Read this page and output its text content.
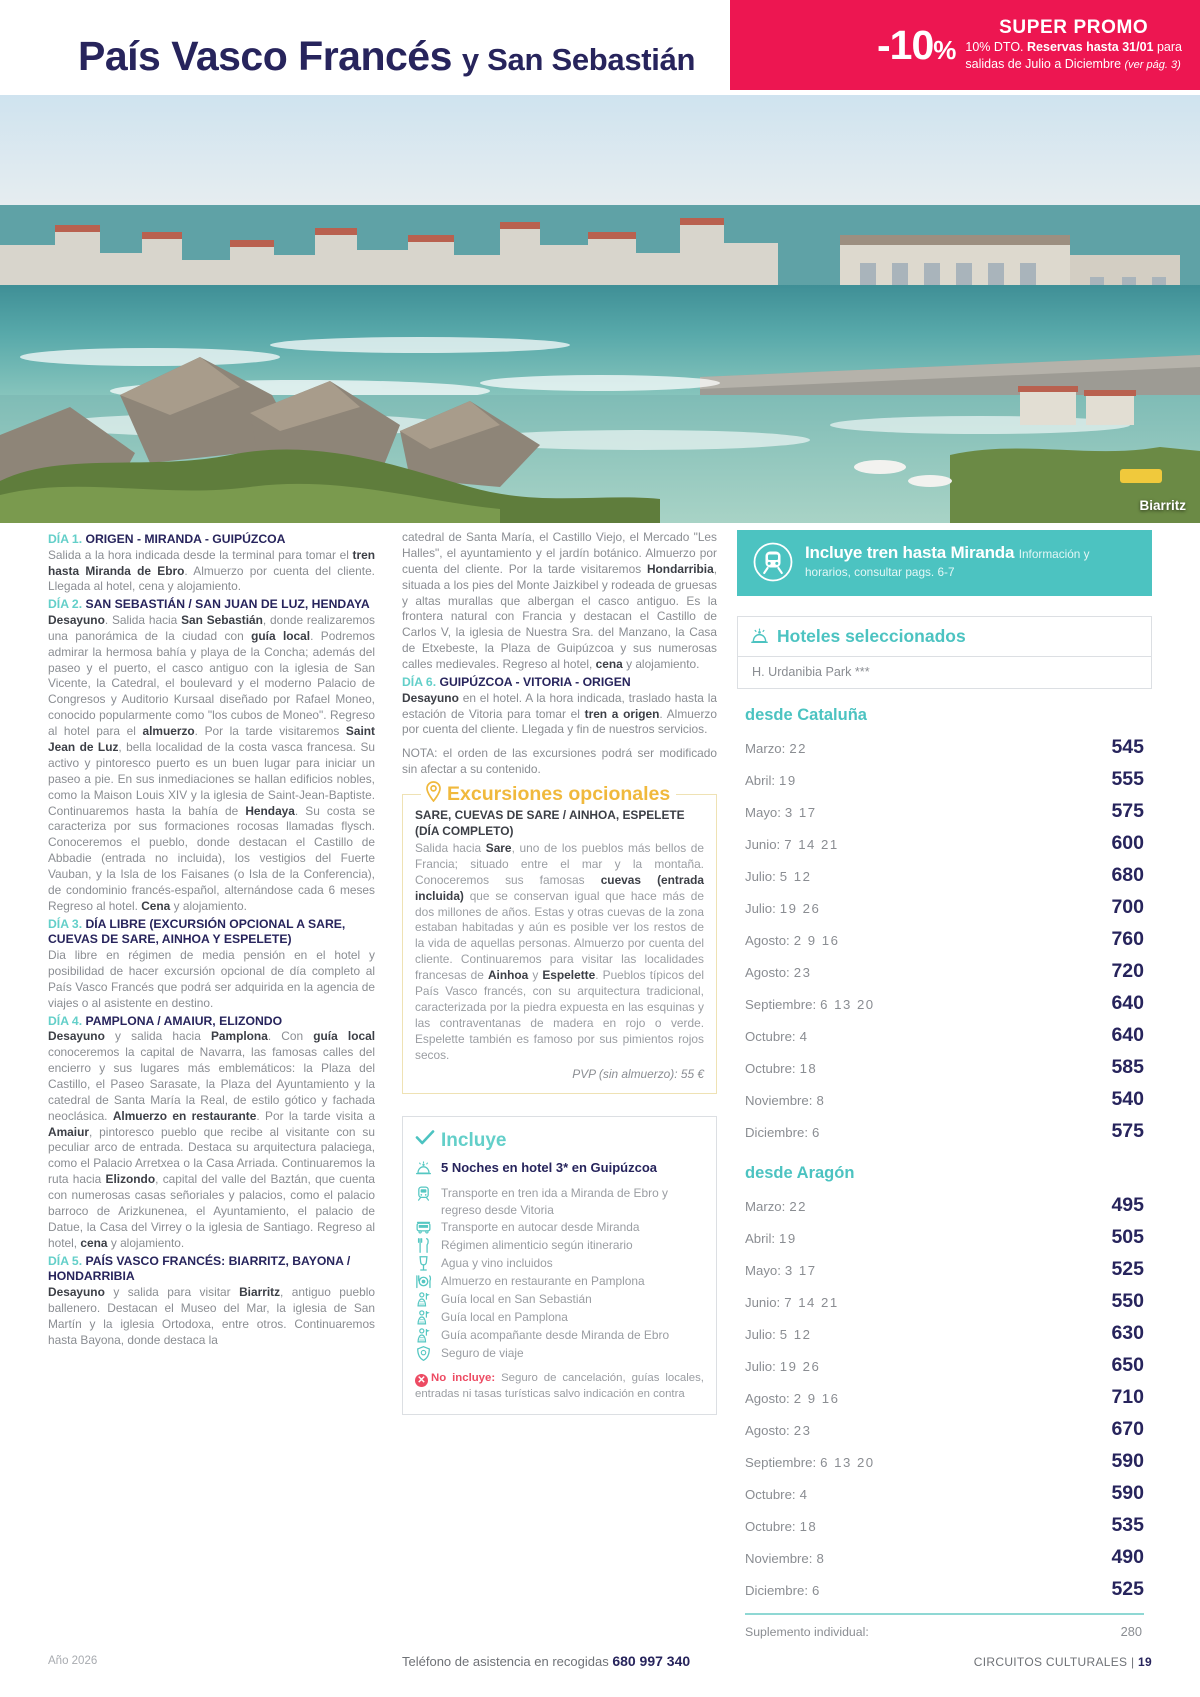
País Vasco Francés y San Sebastián	-10%
SUPER PROMO
10% DTO. Reservas hasta 31/01 para
salidas de Julio a Diciembre (ver pág. 3)
Biarritz
DÍA 1. ORIGEN - MIRANDA - GUIPÚZCOA

Salida a la hora indicada desde la terminal para tomar el tren hasta Miranda de Ebro. Almuerzo por cuenta del cliente. Llegada al hotel, cena y alojamiento.

DÍA 2. SAN SEBASTIÁN / SAN JUAN DE LUZ, HENDAYA

Desayuno. Salida hacia San Sebastián, donde realizaremos una panorámica de la ciudad con guía local. Podremos admirar la hermosa bahía y playa de la Concha; además del paseo y el puerto, el casco antiguo con la iglesia de San Vicente, la Catedral, el boulevard y el moderno Palacio de Congresos y Auditorio Kursaal diseñado por Rafael Moneo, conocido popularmente como "los cubos de Moneo". Regreso al hotel para el almuerzo. Por la tarde visitaremos Saint Jean de Luz, bella localidad de la costa vasca francesa. Su activo y pintoresco puerto es un buen lugar para iniciar un paseo a pie. En sus inmediaciones se hallan edificios nobles, como la Maison Louis XIV y la iglesia de Saint-Jean-Baptiste. Continuaremos hasta la bahía de Hendaya. Su costa se caracteriza por sus formaciones rocosas llamadas flysch. Conoceremos el pueblo, donde destacan el Castillo de Abbadie (entrada no incluida), los vestigios del Fuerte Vauban, y la Isla de los Faisanes (o Isla de la Conferencia), de condominio francés-español, alternándose cada 6 meses Regreso al hotel. Cena y alojamiento.

DÍA 3. DÍA LIBRE (EXCURSIÓN OPCIONAL A SARE, CUEVAS DE SARE, AINHOA Y ESPELETE)

Dia libre en régimen de media pensión en el hotel y posibilidad de hacer excursión opcional de día completo al País Vasco Francés que podrá ser adquirida en la agencia de viajes o al asistente en destino.

DÍA 4. PAMPLONA / AMAIUR, ELIZONDO

Desayuno y salida hacia Pamplona. Con guía local conoceremos la capital de Navarra, las famosas calles del encierro y sus lugares más emblemáticos: la Plaza del Castillo, el Paseo Sarasate, la Plaza del Ayuntamiento y la catedral de Santa María la Real, de estilo gótico y fachada neoclásica. Almuerzo en restaurante. Por la tarde visita a Amaiur, pintoresco pueblo que recibe al visitante con su peculiar arco de entrada. Destaca su arquitectura palaciega, como el Palacio Arretxea o la Casa Arriada. Continuaremos la ruta hacia Elizondo, capital del valle del Baztán, que cuenta con numerosas casas señoriales y palacios, como el palacio barroco de Arizkunenea, el Ayuntamiento, el palacio de Datue, la Casa del Virrey o la iglesia de Santiago. Regreso al hotel, cena y alojamiento.

DÍA 5. PAÍS VASCO FRANCÉS: BIARRITZ, BAYONA / HONDARRIBIA

Desayuno y salida para visitar Biarritz, antiguo pueblo ballenero. Destacan el Museo del Mar, la iglesia de San Martín y la iglesia Ortodoxa, entre otros. Continuaremos hasta Bayona, donde destaca la

catedral de Santa María, el Castillo Viejo, el Mercado "Les Halles", el ayuntamiento y el jardín botánico. Almuerzo por cuenta del cliente. Por la tarde visitaremos Hondarribia, situada a los pies del Monte Jaizkibel y rodeada de gruesas y altas murallas que albergan el casco antiguo. Es la frontera natural con Francia y destacan el Castillo de Carlos V, la iglesia de Nuestra Sra. del Manzano, la Casa de Etxebeste, la Plaza de Guipúzcoa y sus numerosas calles medievales. Regreso al hotel, cena y alojamiento.

DÍA 6. GUIPÚZCOA - VITORIA - ORIGEN

Desayuno en el hotel. A la hora indicada, traslado hasta la estación de Vitoria para tomar el tren a origen. Almuerzo por cuenta del cliente. Llegada y fin de nuestros servicios.

NOTA: el orden de las excursiones podrá ser modificado sin afectar a su contenido.

Excursiones opcionales
SARE, CUEVAS DE SARE / AINHOA, ESPELETE (DÍA COMPLETO)
Salida hacia Sare, uno de los pueblos más bellos de Francia; situado entre el mar y la montaña. Conoceremos sus famosas cuevas (entrada incluida) que se conservan igual que hace más de dos millones de años. Estas y otras cuevas de la zona estaban habitadas y aún es posible ver los restos de la vida de aquellas personas. Almuerzo por cuenta del cliente. Continuaremos para visitar las localidades francesas de Ainhoa y Espelette. Pueblos típicos del País Vasco francés, con su arquitectura tradicional, caracterizada por la piedra expuesta en las esquinas y las contraventanas de madera en rojo o verde. Espelette también es famoso por sus pimientos rojos secos.
PVP (sin almuerzo): 55 €
Incluye
5 Noches en hotel 3* en Guipúzcoa
Transporte en tren ida a Miranda de Ebro y regreso desde Vitoria
Transporte en autocar desde Miranda
Régimen alimenticio según itinerario
Agua y vino incluidos
Almuerzo en restaurante en Pamplona
Guía local en San Sebastián
Guía local en Pamplona
Guía acompañante desde Miranda de Ebro
Seguro de viaje
✕ No incluye: Seguro de cancelación, guías locales, entradas ni tasas turísticas salvo indicación en contra
Incluye tren hasta Miranda Información y horarios, consultar pags. 6-7
Hoteles seleccionados
H. Urdanibia Park ***
desde Cataluña
Marzo: 22	545
Abril: 19	555
Mayo: 3 17	575
Junio: 7 14 21	600
Julio: 5 12	680
Julio: 19 26	700
Agosto: 2 9 16	760
Agosto: 23	720
Septiembre: 6 13 20	640
Octubre: 4	640
Octubre: 18	585
Noviembre: 8	540
Diciembre: 6	575
desde Aragón
Marzo: 22	495
Abril: 19	505
Mayo: 3 17	525
Junio: 7 14 21	550
Julio: 5 12	630
Julio: 19 26	650
Agosto: 2 9 16	710
Agosto: 23	670
Septiembre: 6 13 20	590
Octubre: 4	590
Octubre: 18	535
Noviembre: 8	490
Diciembre: 6	525
Suplemento individual:	280
Año 2026	Teléfono de asistencia en recogidas 680 997 340	CIRCUITOS CULTURALES | 19
